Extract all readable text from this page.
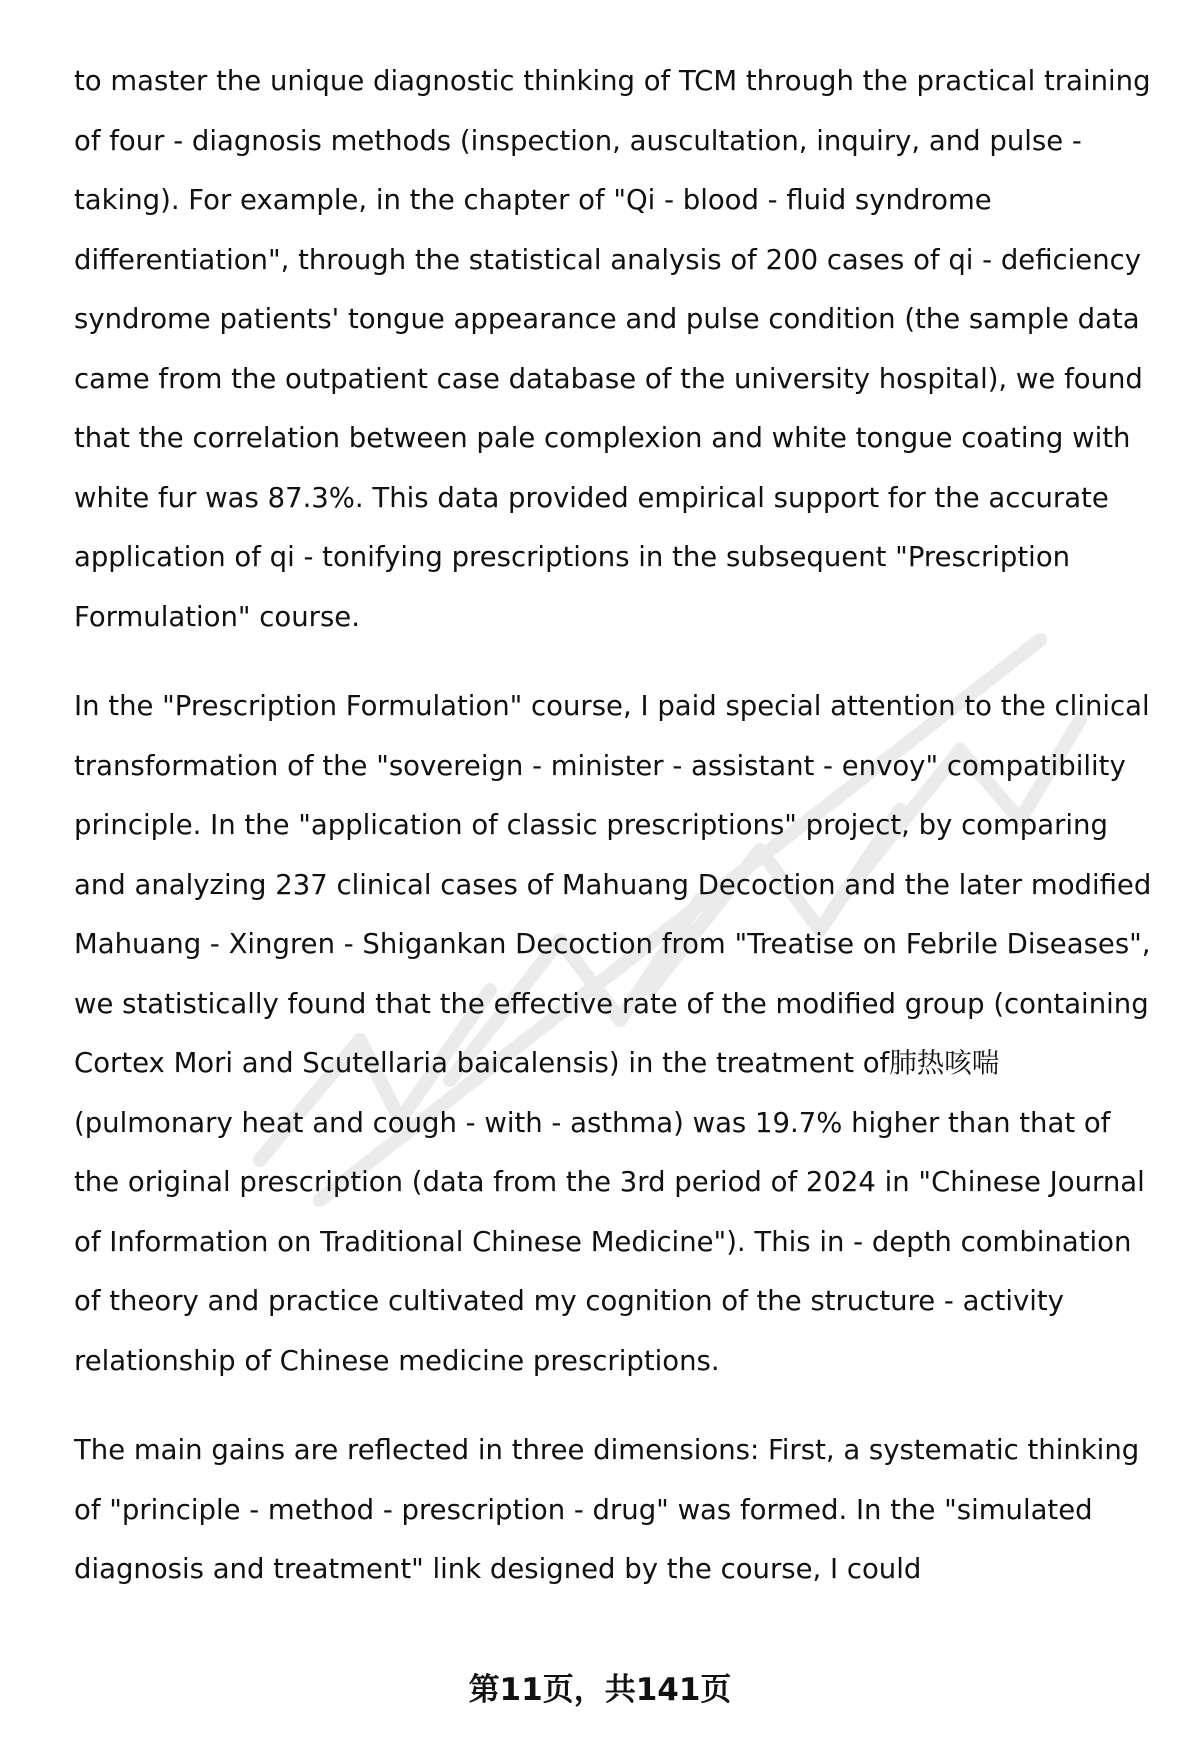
to master the unique diagnostic thinking of TCM through the practical training of four - diagnosis methods (inspection, auscultation, inquiry, and pulse - taking). For example, in the chapter of "Qi - blood - fluid syndrome differentiation", through the statistical analysis of 200 cases of qi - deficiency syndrome patients' tongue appearance and pulse condition (the sample data came from the outpatient case database of the university hospital), we found that the correlation between pale complexion and white tongue coating with white fur was 87.3%. This data provided empirical support for the accurate application of qi - tonifying prescriptions in the subsequent "Prescription Formulation" course.

In the "Prescription Formulation" course, I paid special attention to the clinical transformation of the "sovereign - minister - assistant - envoy" compatibility principle. In the "application of classic prescriptions" project, by comparing and analyzing 237 clinical cases of Mahuang Decoction and the later modified Mahuang - Xingren - Shigankan Decoction from "Treatise on Febrile Diseases", we statistically found that the effective rate of the modified group (containing Cortex Mori and Scutellaria baicalensis) in the treatment of肺热咳喘 (pulmonary heat and cough - with - asthma) was 19.7% higher than that of the original prescription (data from the 3rd period of 2024 in "Chinese Journal of Information on Traditional Chinese Medicine"). This in - depth combination of theory and practice cultivated my cognition of the structure - activity relationship of Chinese medicine prescriptions.

The main gains are reflected in three dimensions: First, a systematic thinking of "principle - method - prescription - drug" was formed. In the "simulated diagnosis and treatment" link designed by the course, I could

第11页，共141页
